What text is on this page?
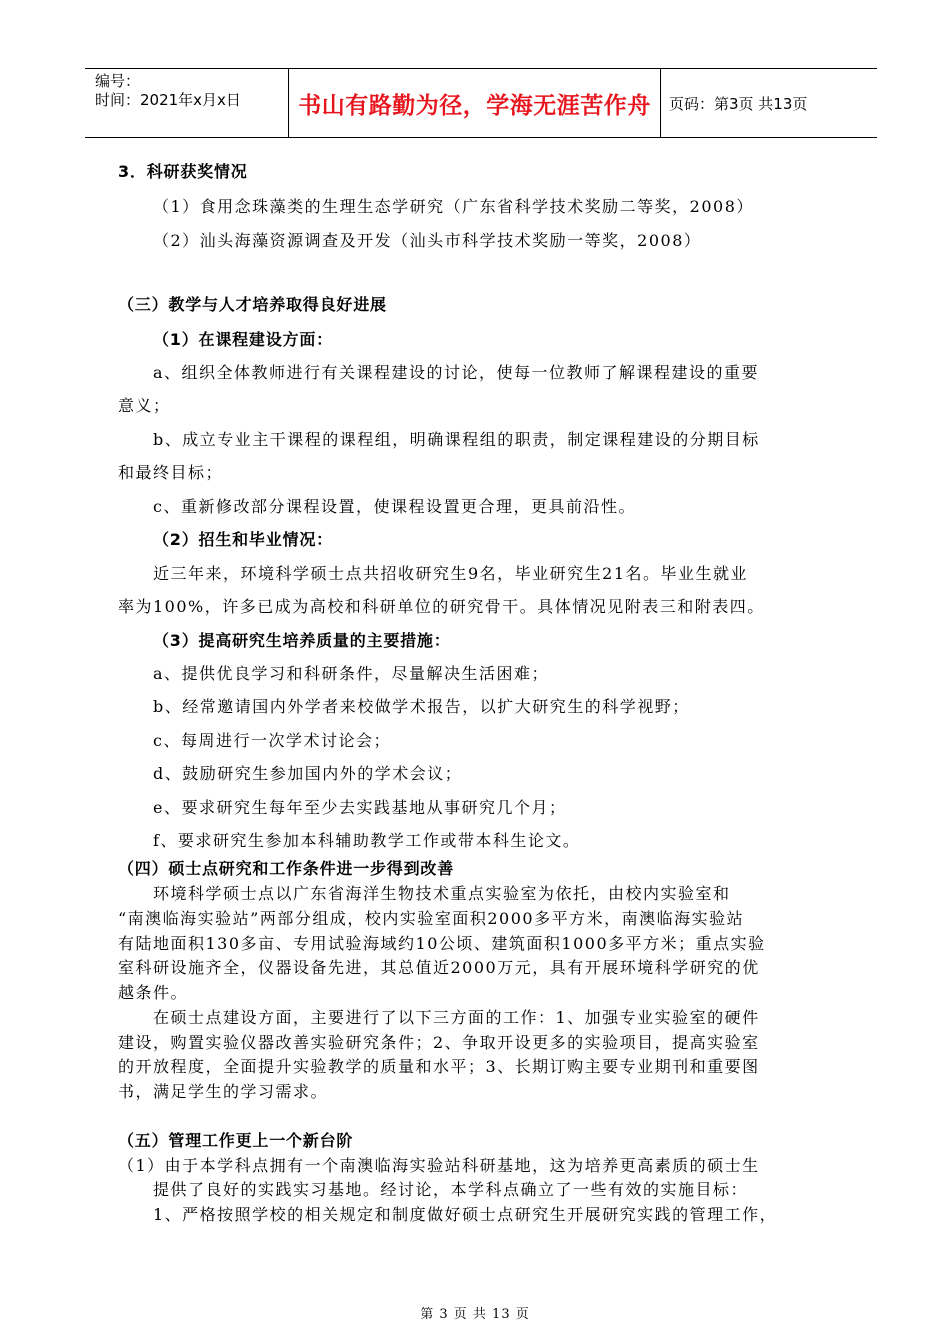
编号：
时间：2021年x月x日	书山有路勤为径，学海无涯苦作舟 页码：第3页 共13页
3．科研获奖情况
（1）食用念珠藻类的生理生态学研究（广东省科学技术奖励二等奖，2008）
（2）汕头海藻资源调查及开发（汕头市科学技术奖励一等奖，2008）
（三）教学与人才培养取得良好进展
（1）在课程建设方面：
a、组织全体教师进行有关课程建设的讨论，使每一位教师了解课程建设的重要
意义；
b、成立专业主干课程的课程组，明确课程组的职责，制定课程建设的分期目标
和最终目标；
c、重新修改部分课程设置，使课程设置更合理，更具前沿性。
（2）招生和毕业情况：
近三年来，环境科学硕士点共招收研究生9名，毕业研究生21名。毕业生就业
率为100%，许多已成为高校和科研单位的研究骨干。具体情况见附表三和附表四。
（3）提高研究生培养质量的主要措施：
a、提供优良学习和科研条件，尽量解决生活困难；
b、经常邀请国内外学者来校做学术报告，以扩大研究生的科学视野；
c、每周进行一次学术讨论会；
d、鼓励研究生参加国内外的学术会议；
e、要求研究生每年至少去实践基地从事研究几个月；
f、要求研究生参加本科辅助教学工作或带本科生论文。
（四）硕士点研究和工作条件进一步得到改善
环境科学硕士点以广东省海洋生物技术重点实验室为依托，由校内实验室和
“南澳临海实验站”两部分组成，校内实验室面积2000多平方米，南澳临海实验站
有陆地面积130多亩、专用试验海域约10公顷、建筑面积1000多平方米；重点实验
室科研设施齐全，仪器设备先进，其总值近2000万元，具有开展环境科学研究的优
越条件。
在硕士点建设方面，主要进行了以下三方面的工作：1、加强专业实验室的硬件
建设，购置实验仪器改善实验研究条件；2、争取开设更多的实验项目，提高实验室
的开放程度，全面提升实验教学的质量和水平；3、长期订购主要专业期刊和重要图
书，满足学生的学习需求。
（五）管理工作更上一个新台阶
（1）由于本学科点拥有一个南澳临海实验站科研基地，这为培养更高素质的硕士生
提供了良好的实践实习基地。经讨论，本学科点确立了一些有效的实施目标：
1、严格按照学校的相关规定和制度做好硕士点研究生开展研究实践的管理工作，
第 3 页 共 13 页
